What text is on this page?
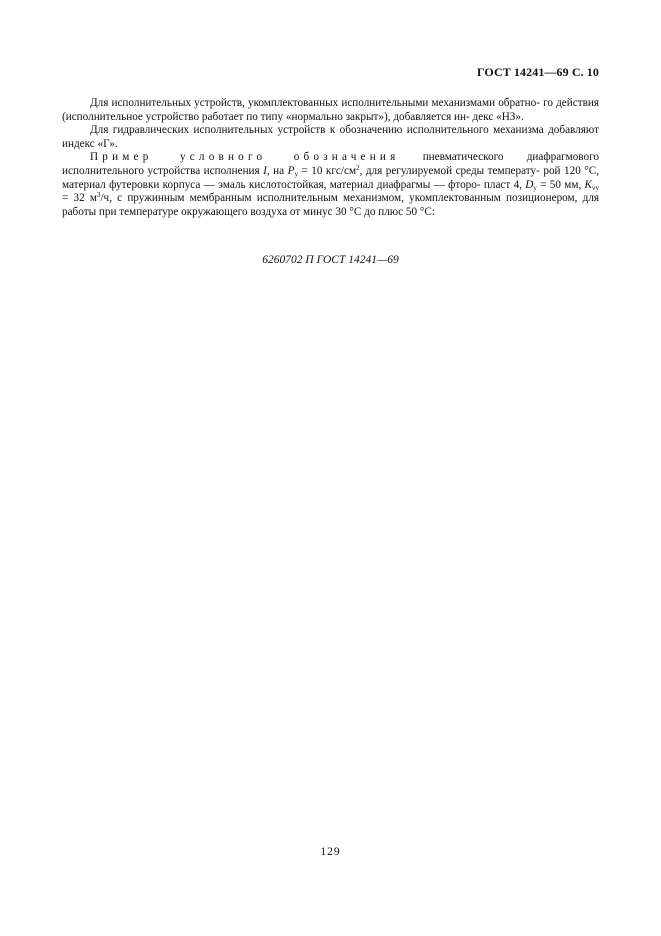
ГОСТ 14241—69 С. 10

Для исполнительных устройств, укомплектованных исполнительными механизмами обратно- го действия (исполнительное устройство работает по типу «нормально закрыт»), добавляется ин- декс «НЗ».

Для гидравлических исполнительных устройств к обозначению исполнительного механизма добавляют индекс «Г».

Пример условного обозначения пневматического диафрагмового исполнительного устройства исполнения I, на $P_у = 10$ кгс/$см^2$, для регулируемой среды температу- рой 120 °С, материал футеровки корпуса — эмаль кислотостойкая, материал диафрагмы — фторо- пласт 4, $D_у = 50$ мм, $K_{vy} = 32$ $м^3/ч$, с пружинным мембранным исполнительным механизмом, укомплектованным позиционером, для работы при температуре окружающего воздуха от минус 30 °С до плюс 50 °С:

6260702 П ГОСТ 14241—69
129
